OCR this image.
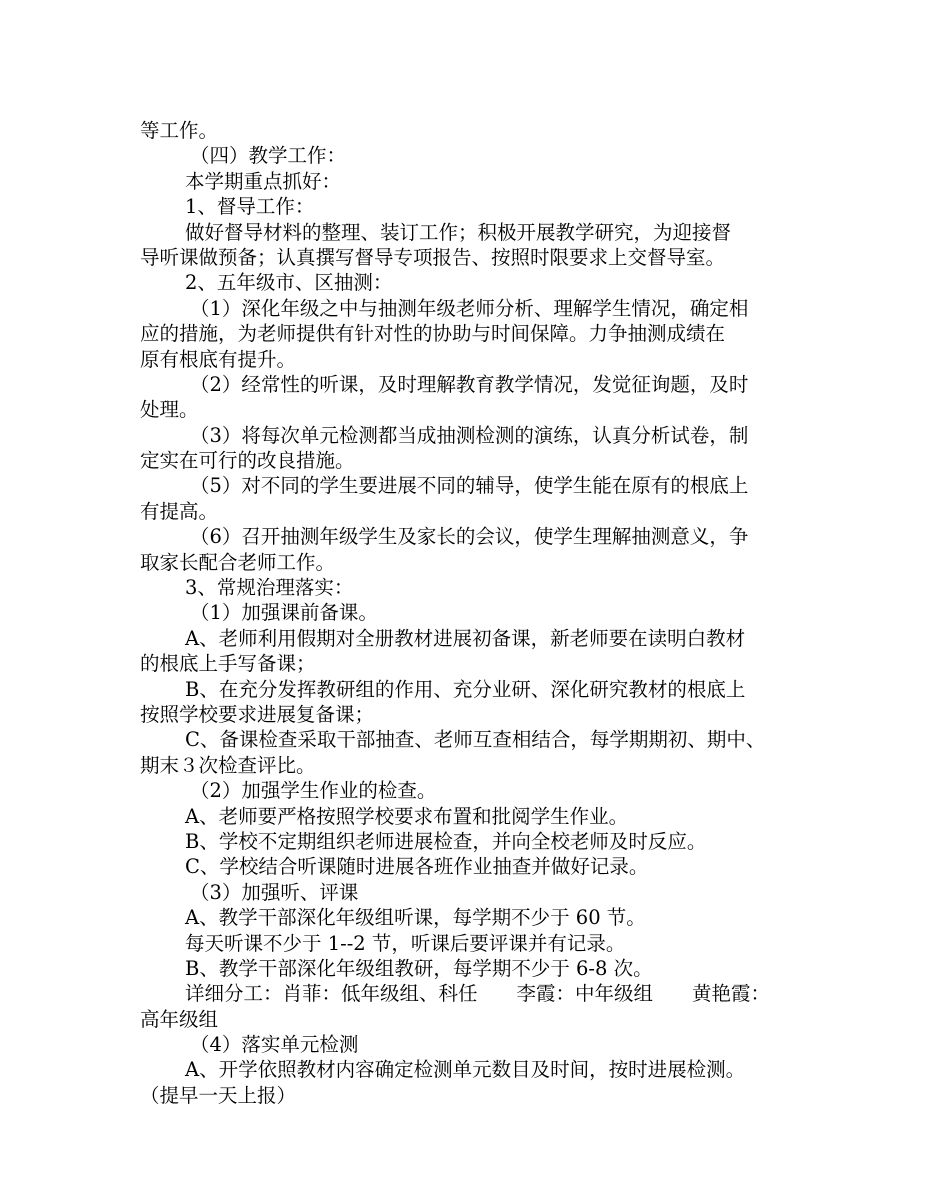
等工作。
（四）教学工作：
本学期重点抓好：
1、督导工作：
做好督导材料的整理、装订工作；积极开展教学研究，为迎接督
导听课做预备；认真撰写督导专项报告、按照时限要求上交督导室。
2、五年级市、区抽测：
（1）深化年级之中与抽测年级老师分析、理解学生情况，确定相
应的措施，为老师提供有针对性的协助与时间保障。力争抽测成绩在
原有根底有提升。
（2）经常性的听课，及时理解教育教学情况，发觉征询题，及时
处理。
（3）将每次单元检测都当成抽测检测的演练，认真分析试卷，制
定实在可行的改良措施。
（5）对不同的学生要进展不同的辅导，使学生能在原有的根底上
有提高。
（6）召开抽测年级学生及家长的会议，使学生理解抽测意义，争
取家长配合老师工作。
3、常规治理落实：
（1）加强课前备课。
A、老师利用假期对全册教材进展初备课，新老师要在读明白教材
的根底上手写备课；
B、在充分发挥教研组的作用、充分业研、深化研究教材的根底上
按照学校要求进展复备课；
C、备课检查采取干部抽查、老师互查相结合，每学期期初、期中、
期末３次检查评比。
（2）加强学生作业的检查。
A、老师要严格按照学校要求布置和批阅学生作业。
B、学校不定期组织老师进展检查，并向全校老师及时反应。
C、学校结合听课随时进展各班作业抽查并做好记录。
（3）加强听、评课
A、教学干部深化年级组听课，每学期不少于 60 节。
每天听课不少于 1--2 节，听课后要评课并有记录。
B、教学干部深化年级组教研，每学期不少于 6-8 次。
详细分工：肖菲：低年级组、科任　　李霞：中年级组　　黄艳霞：
高年级组
（4）落实单元检测
A、开学依照教材内容确定检测单元数目及时间，按时进展检测。
（提早一天上报）
